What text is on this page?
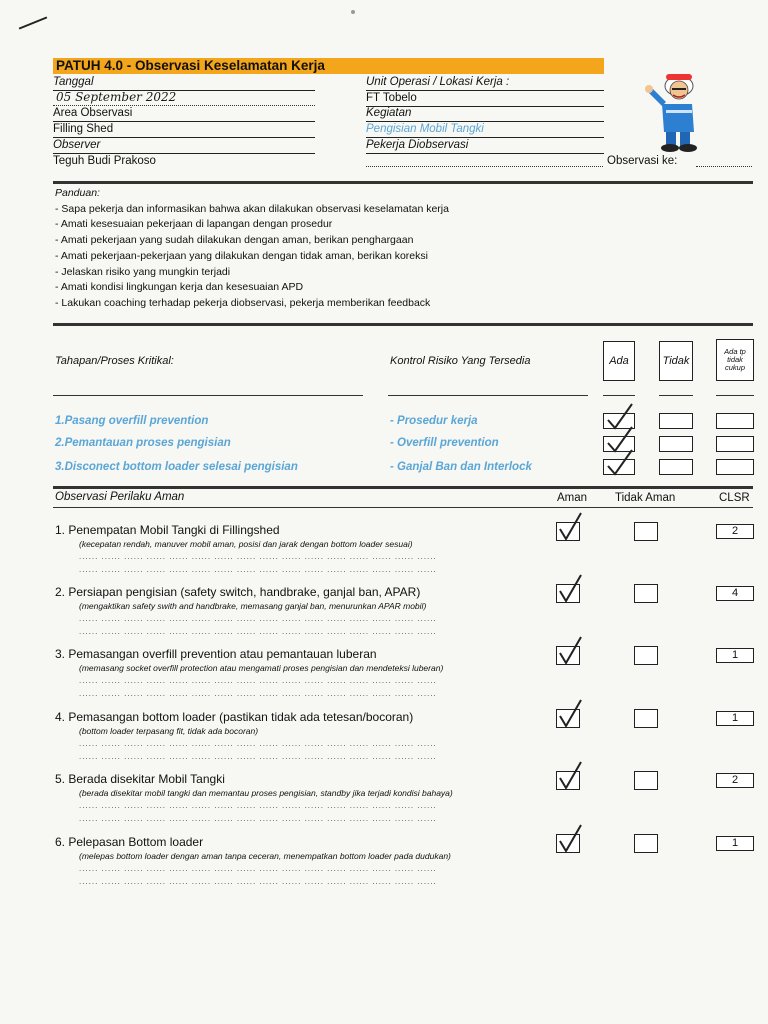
PATUH 4.0 - Observasi Keselamatan Kerja
Tanggal
05 September 2022
Area Observasi
Filling Shed
Observer
Teguh Budi Prakoso
Unit Operasi / Lokasi Kerja :
FT Tobelo
Kegiatan
Pengisian Mobil Tangki
Pekerja Diobservasi
Observasi ke:
Panduan:
- Sapa pekerja dan informasikan bahwa akan dilakukan observasi keselamatan kerja
- Amati kesesuaian pekerjaan di lapangan dengan prosedur
- Amati pekerjaan yang sudah dilakukan dengan aman, berikan penghargaan
- Amati pekerjaan-pekerjaan yang dilakukan dengan tidak aman, berikan koreksi
- Jelaskan risiko yang mungkin terjadi
- Amati kondisi lingkungan kerja dan kesesuaian APD
- Lakukan coaching terhadap pekerja diobservasi, pekerja memberikan feedback
Tahapan/Proses Kritikal:	Kontrol Risiko Yang Tersedia	Ada	Tidak
Ada tp tidak cukup
1.Pasang overfill prevention	- Prosedur kerja
2.Pemantauan proses pengisian	- Overfill prevention
3.Disconect bottom loader selesai pengisian	- Ganjal Ban dan Interlock
Observasi Perilaku Aman	Aman Tidak Aman	CLSR
1. Penempatan Mobil Tangki di Fillingshed
(kecepatan rendah, manuver mobil aman, posisi dan jarak dengan bottom loader sesuai)
...... ...... ...... ...... ...... ...... ...... ...... ...... ...... ...... ...... ...... ...... ...... ......
...... ...... ...... ...... ...... ...... ...... ...... ...... ...... ...... ...... ...... ...... ...... ......
2
2. Persiapan pengisian (safety switch, handbrake, ganjal ban, APAR)
(mengaktikan safety swith and handbrake, memasang ganjal ban, menurunkan APAR mobil)
...... ...... ...... ...... ...... ...... ...... ...... ...... ...... ...... ...... ...... ...... ...... ......
...... ...... ...... ...... ...... ...... ...... ...... ...... ...... ...... ...... ...... ...... ...... ......
4
3. Pemasangan overfill prevention atau pemantauan luberan
(memasang socket overfill protection atau mengamati proses pengisian dan mendeteksi luberan)
...... ...... ...... ...... ...... ...... ...... ...... ...... ...... ...... ...... ...... ...... ...... ......
...... ...... ...... ...... ...... ...... ...... ...... ...... ...... ...... ...... ...... ...... ...... ......
1
4. Pemasangan bottom loader (pastikan tidak ada tetesan/bocoran)
(bottom loader terpasang fit, tidak ada bocoran)
...... ...... ...... ...... ...... ...... ...... ...... ...... ...... ...... ...... ...... ...... ...... ......
...... ...... ...... ...... ...... ...... ...... ...... ...... ...... ...... ...... ...... ...... ...... ......
1
5. Berada disekitar Mobil Tangki
(berada disekitar mobil tangki dan memantau proses pengisian, standby jika terjadi kondisi bahaya)
...... ...... ...... ...... ...... ...... ...... ...... ...... ...... ...... ...... ...... ...... ...... ......
...... ...... ...... ...... ...... ...... ...... ...... ...... ...... ...... ...... ...... ...... ...... ......
2
6. Pelepasan Bottom loader
(melepas bottom loader dengan aman tanpa ceceran, menempatkan bottom loader pada dudukan)
...... ...... ...... ...... ...... ...... ...... ...... ...... ...... ...... ...... ...... ...... ...... ......
...... ...... ...... ...... ...... ...... ...... ...... ...... ...... ...... ...... ...... ...... ...... ......
1
